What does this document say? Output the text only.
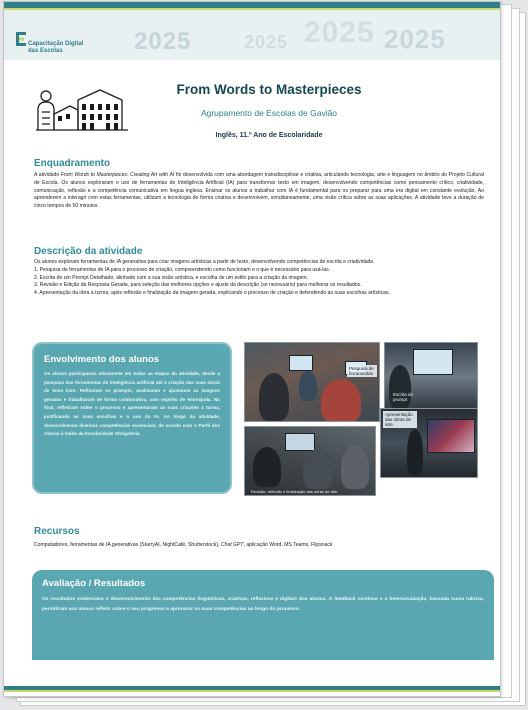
2025	2025 2025 2025
Capacitação Digital
das Escolas
From Words to Masterpieces
Agrupamento de Escolas de Gavião
Inglês, 11.º Ano de Escolaridade
Enquadramento
A atividade From Words to Masterpieces: Creating Art with AI foi desenvolvida com uma abordagem transdisciplinar e criativa, articulando tecnologia, arte e linguagem no âmbito do Projeto Cultural de Escola. Os alunos exploraram o uso de ferramentas de Inteligência Artificial (IA) para transformar texto em imagem, desenvolvendo competências como pensamento crítico, criatividade, comunicação, reflexão e a competência comunicativa em língua inglesa. Ensinar os alunos a trabalhar com IA é fundamental para os preparar para uma era digital em constante evolução. Ao aprenderem a interagir com estas ferramentas, utilizam a tecnologia de forma criativa e desenvolvem, simultaneamente, uma visão crítica sobre as suas aplicações. A atividade teve a duração de cinco tempos de 50 minutos.
Descrição da atividade
Os alunos exploram ferramentas de IA generativa para criar imagens artísticas a partir de texto, desenvolvendo competências de escrita e criatividade.
1. Pesquisa de ferramentas de IA para o processo de criação, compreendendo como funcionam e o que é necessário para usá-las.
2. Escrita de um Prompt Detalhado, alinhado com a sua visão artística, e escolha de um estilo para a criação da imagem.
3. Revisão e Edição da Resposta Gerada, para seleção das melhores opções e ajuste da descrição (se necessário) para melhorar os resultados.
4. Apresentação da obra à turma, após reflexão e finalização da imagem gerada, explicando o processo de criação e defendendo as suas escolhas artísticas.
Envolvimento dos alunos

Os alunos participaram ativamente em todas as etapas da atividade, desde a pesquisa das ferramentas de inteligência artificial até à criação das suas obras de tema livre. Refinaram os prompts, analisaram e ajustaram as imagens geradas e trabalharam de forma colaborativa, com espírito de entreajuda. No final, refletiram sobre o processo e apresentaram as suas criações à turma, justificando as suas escolhas e o uso da IA. Ao longo da atividade, desenvolveram diversas competências essenciais, de acordo com o Perfil dos Alunos à Saída da Escolaridade Obrigatória.

Pesquisa de ferramentas
Escrita do prompt
Revisão, reflexão e finalização das obras de arte
Apresentação das obras de arte
Recursos
Computadores, ferramentas de IA generativas (StarryAI, NightCafé, Shutterstock), Chat GPT, aplicação Word, MS Teams, Flipsnack
Avaliação / Resultados

Os resultados evidenciam o desenvolvimento das competências linguísticas, criativas, reflexivas e digitais dos alunos. O feedback contínuo e a heteroavaliação, baseada numa rubrica, permitiram aos alunos refletir sobre o seu progresso e aprimorar as suas competências ao longo do processo.
